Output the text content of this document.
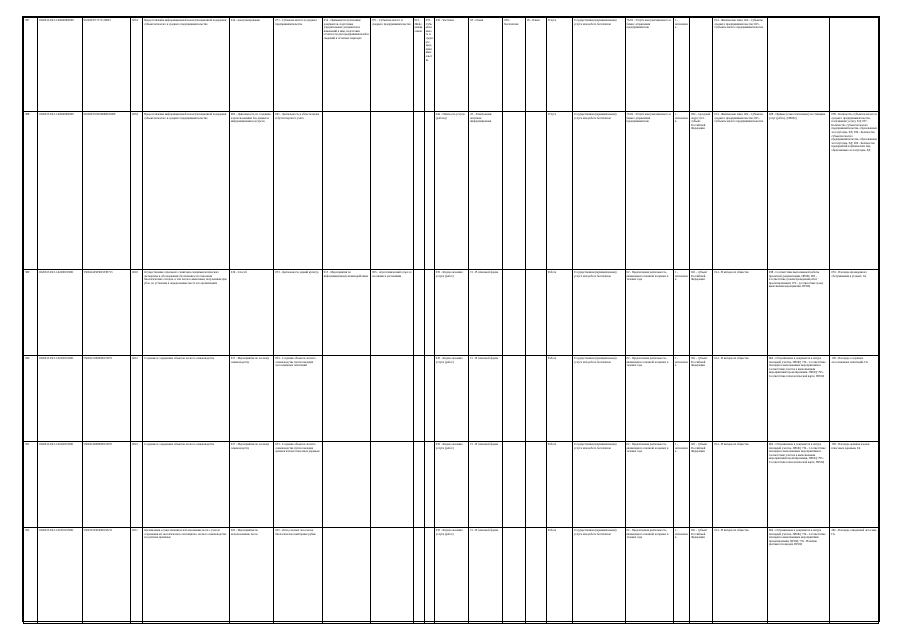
387	0220015.Р.43.1.02040002000	9160203717171119001	0234	Предоставление информационной и консультационной поддержки субъектам малого и среднего предпринимательства	014 - консультирование	071 - Субъекты малого и среднего предпринимательства	014 - Прямыми получателями документов, подготовка учредительных документов и изменений к ним, подготовка отчетности для предпринимателей и сведений в отчетных периодах	071 - Субъекты малого и среднего предпринимательства	015 - Информационная	076 - Субъекты малого и среднего предпринимательства	035 - Частично	18 - Очная	003 - Бесплатная	18 - Очная	Услуга	Государственная (муниципальная) услуга или работа бесплатная	76.02 - Услуги консультационного и бизнес-управления предпринимателю	1 - автономная		014 - Физические лица; 024 - Субъекты среднего предпринимательства; 025 - Субъекты малого предпринимательства		
388	0220015.Р.43.1.02040002000	9160203718100060022000	0234	Предоставление информационной и консультационной поддержки субъектам малого и среднего предпринимательства	091 - Деятельность по созданию и использованию баз данных и информационных ресурсов	091 - Деятельность в области права и бухгалтерского учета					042 - Платность услуги (работы)	22 - Электронная; печатная; информационная			Услуга	Государственная (муниципальная) услуга или работа бесплатная	76.02 - Услуги консультационного и бизнес-управления предпринимателю	1 - автономная	032 - городской округ; 021 - субъект Российской Федерации	014 - Физические лица; 024 - Субъекты среднего предпринимательства; 025 - Субъекты малого предпринимательства	028 - Прямые (самостоятельные) поставщики услуг (работ). [ПРОЦ]	038 - Количество субъектов малого и среднего предпринимательства, получивших услугу, ЕД; 037 - Количество субъектов малого предпринимательства, образованных за полугодие, ЕД; 039 - Количество субъектов малого предпринимательства, образованных за полугодие, ЕД; 206 - Количество предприятий и физических лиц, образованных за полугодие, ЕД
389	0220015.Р.43.1.02200013001	55004142503001530713	0210	Осуществление отдельного санитарно-эпидемиологического экспертизы и обследования обоснованности отнесения биологических отходов, в том числе к животным, полученным при убое, по установке в определенные места и в организациях	016 - Способ	053 - Деятельность зданий культур	013 - Мероприятия по информационному взаимодействию	025 - Агротехнический отдел за посевами и растениями			035 - Форма оказания услуги (работ)	15 - В плановой форме			Работа	Государственная (муниципальная) услуга или работа бесплатная	02 - Предлагаемая деятельность, являющаяся основной на время; в течение года	1 - автономная	021 - субъект Российской Федерации	014 - В интересах общества	038 - Соответствие выполненной работы проектной документации, ПРОЦ; 063 - Соответствие срокам проведения работ проектированием; 072 - Соответствие сроку выполнения мероприятий, ПРОЦ	033 - Площадь проведенного обслуживания в угодьях, ГА
390	0220015.Р.43.1.02220013001	55004131000000153071	0212	Создание и содержание объектов лесного семеноводства	017 - Мероприятия по лесному семеноводству	033 - Создание объектов лесного семеноводства путем закладки лесосеменных плантаций					035 - Форма оказания услуги (работ)	15 - В плановой форме			Работа	Государственная (муниципальная) услуга или работа бесплатная	02 - Предлагаемая деятельность, являющаяся основной на время; в течение года	1 - автономная	021 - субъект Российской Федерации	014 - В интересах общества	064 - Отграничение в документах в натуре площадей участка, ПРОЦ; 734 - Соответствие площади к выполненным мероприятиям и соответствие участка к выполненным мероприятиям проектирования, ПРОЦ; 793 - Соответствие технологической карте, ПРОЦ	138 - Площадь созданных лесосеменных плантаций, ГА
391	0220015.Р.43.1.02220013001	55004132000000153071	0212	Создание и содержание объектов лесного семеноводства	017 - Мероприятия по лесному семеноводству	033 - Создание объектов лесного семеноводства путем закладки архивов клонов плюсовых деревьев					035 - Форма оказания услуги (работ)	15 - В плановой форме			Работа	Государственная (муниципальная) услуга или работа бесплатная	02 - Предлагаемая деятельность, являющаяся основной на время; в течение года	1 - автономная	021 - субъект Российской Федерации	014 - В интересах общества	064 - Отграничение в документах в натуре площадей участка, ПРОЦ; 734 - Соответствие площади к выполненным мероприятиям и соответствие участка к выполненным мероприятиям проектирования, ПРОЦ; 793 - Соответствие технологической карте, ПРОЦ	138 - Площадь архивов клонов плюсовых деревьев, ГА
392	0220015.Р.43.1.02310013001	55003152503000150211	0211	Организация осуществления и использования лесов с учетом сохранения их экологического потенциала, лесного семеноводства и в регионе признаки	023 - Мероприятия по использованию лесов	025 - Отвод лесных лесосек на биологически санитарные рубки					035 - Форма оказания услуги (работ)	15 - В плановой форме			Работа	Государственная (муниципальная) услуга или работа бесплатная	02 - Предлагаемая деятельность, являющаяся основной на время; в течение года	1 - автономная	021 - субъект Российской Федерации	014 - В интересах общества	064 - Отграничение в документах в натуре площадей участка, ПРОЦ; 734 - Соответствие площади к выполненным мероприятиям проектирования, ПРОЦ; 735 - Наличие пробных площадей, ПРОЦ	281 - Площадь отведенной лесосеки, ГА
